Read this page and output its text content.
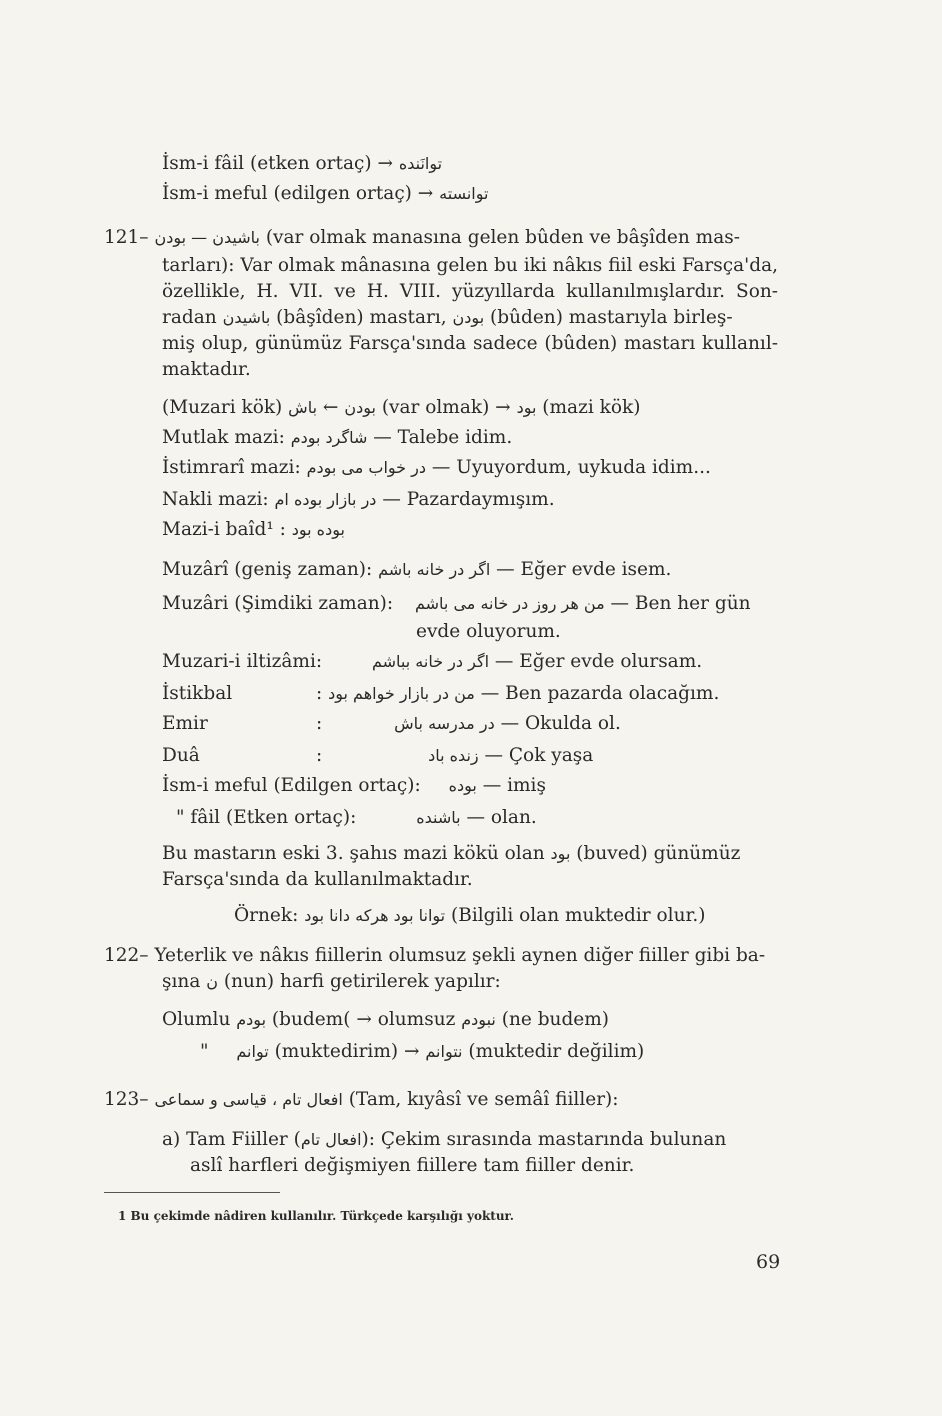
İsm-i fâil (etken ortaç) → توانَنده
İsm-i meful (edilgen ortaç) → توانسته
121– باشیدن — بودن (var olmak manasına gelen bûden ve bâşîden mas-
tarları): Var olmak mânasına gelen bu iki nâkıs fiil eski Farsça'da,
özellikle, H. VII. ve H. VIII. yüzyıllarda kullanılmışlardır. Son-
radan باشیدن (bâşîden) mastarı, بودن (bûden) mastarıyla birleş-
miş olup, günümüz Farsça'sında sadece (bûden) mastarı kullanıl-
maktadır.
(Muzari kök) باش ← بودن (var olmak) → بود (mazi kök)
Mutlak mazi: شاگرد بودم — Talebe idim.
İstimrarî mazi: در خواب می بودم — Uyuyordum, uykuda idim...
Nakli mazi: در بازار بوده ام — Pazardaymışım.
Mazi-i baîd¹ : بوده بود
Muzârî (geniş zaman): اگر در خانه باشم — Eğer evde isem.
Muzâri (Şimdiki zaman): من هر روز در خانه می باشم — Ben her gün
evde oluyorum.
Muzari-i iltizâmi:	اگر در خانه بباشم — Eğer evde olursam.
İstikbal	: من در بازار خواهم بود — Ben pazarda olacağım.
Emir	:	در مدرسه باش — Okulda ol.
Duâ	:	زنده باد — Çok yaşa
İsm-i meful (Edilgen ortaç): بوده — imiş
" fâil (Etken ortaç):	باشنده — olan.
Bu mastarın eski 3. şahıs mazi kökü olan بود (buved) günümüz
Farsça'sında da kullanılmaktadır.
Örnek: توانا بود هرکه دانا بود (Bilgili olan muktedir olur.)
122– Yeterlik ve nâkıs fiillerin olumsuz şekli aynen diğer fiiller gibi ba-
şına ن (nun) harfi getirilerek yapılır:
Olumlu بودم (budem( → olumsuz نبودم (ne budem)
" توانم (muktedirim) → نتوانم (muktedir değilim)
123– افعال تام ، قیاسی و سماعی (Tam, kıyâsî ve semâî fiiller):
a) Tam Fiiller (افعال تام): Çekim sırasında mastarında bulunan
aslî harfleri değişmiyen fiillere tam fiiller denir.
1 Bu çekimde nâdiren kullanılır. Türkçede karşılığı yoktur.
69
